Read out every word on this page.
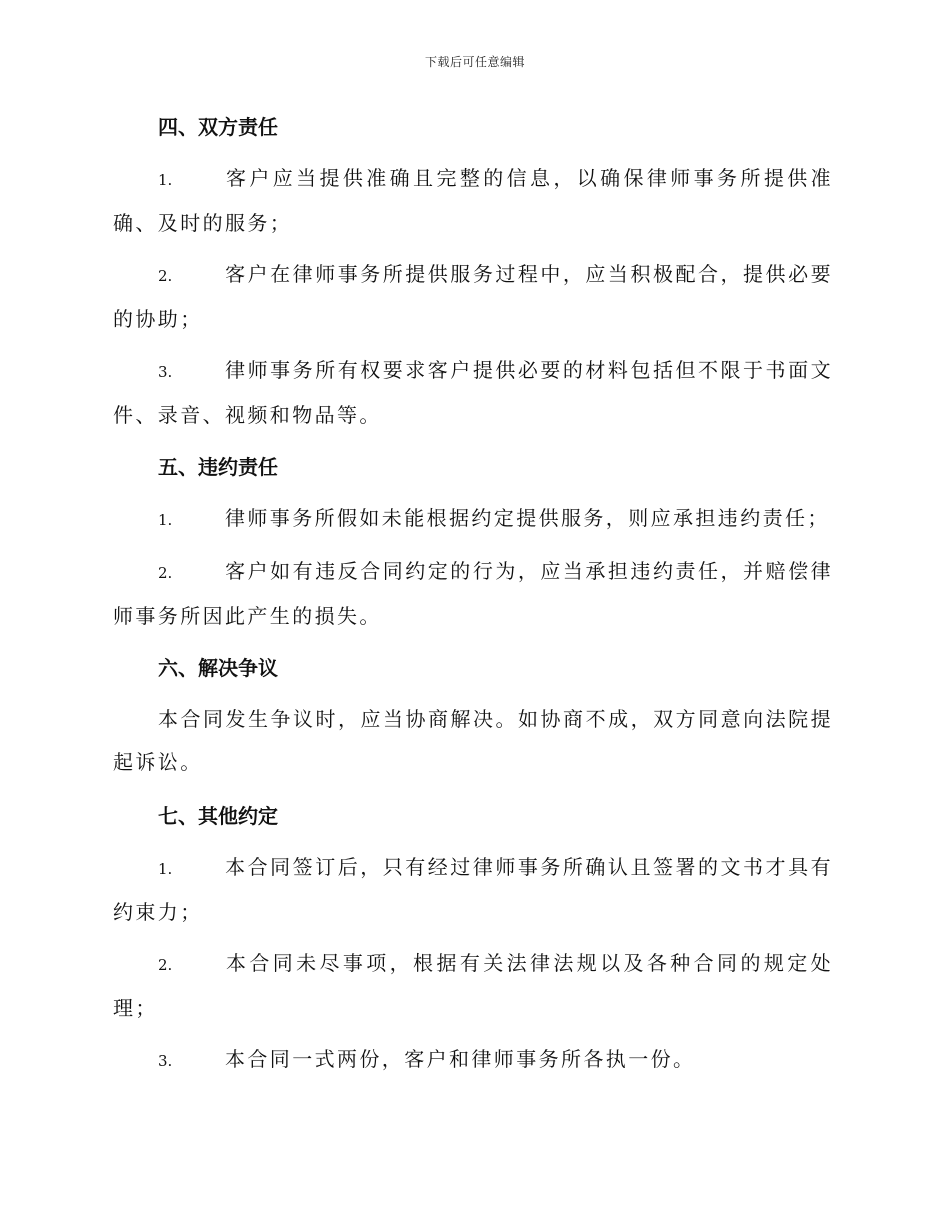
下载后可任意编辑
四、双方责任

1.	客户应当提供准确且完整的信息，以确保律师事务所提供准确、及时的服务；

2.	客户在律师事务所提供服务过程中，应当积极配合，提供必要的协助；

3.	律师事务所有权要求客户提供必要的材料包括但不限于书面文件、录音、视频和物品等。

五、违约责任

1.	律师事务所假如未能根据约定提供服务，则应承担违约责任；

2.	客户如有违反合同约定的行为，应当承担违约责任，并赔偿律师事务所因此产生的损失。

六、解决争议

本合同发生争议时，应当协商解决。如协商不成，双方同意向法院提起诉讼。

七、其他约定

1.	本合同签订后，只有经过律师事务所确认且签署的文书才具有约束力；

2.	本合同未尽事项，根据有关法律法规以及各种合同的规定处理；

3.	本合同一式两份，客户和律师事务所各执一份。
